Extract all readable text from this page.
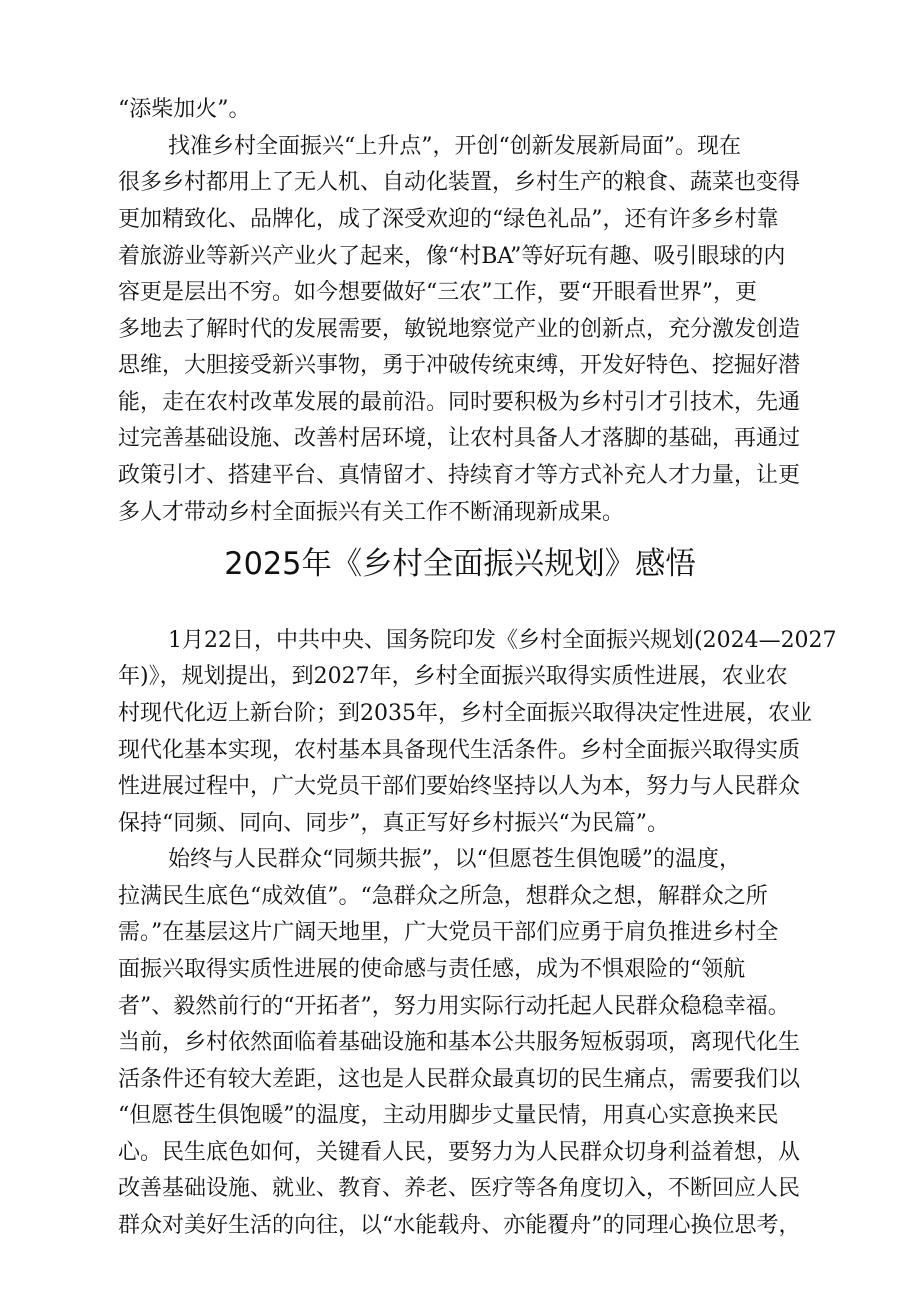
“添柴加火”。
找准乡村全面振兴“上升点”，开创“创新发展新局面”。现在
很多乡村都用上了无人机、自动化装置，乡村生产的粮食、蔬菜也变得
更加精致化、品牌化，成了深受欢迎的“绿色礼品”，还有许多乡村靠
着旅游业等新兴产业火了起来，像“村BA”等好玩有趣、吸引眼球的内
容更是层出不穷。如今想要做好“三农”工作，要“开眼看世界”，更
多地去了解时代的发展需要，敏锐地察觉产业的创新点，充分激发创造
思维，大胆接受新兴事物，勇于冲破传统束缚，开发好特色、挖掘好潜
能，走在农村改革发展的最前沿。同时要积极为乡村引才引技术，先通
过完善基础设施、改善村居环境，让农村具备人才落脚的基础，再通过
政策引才、搭建平台、真情留才、持续育才等方式补充人才力量，让更
多人才带动乡村全面振兴有关工作不断涌现新成果。
2025年《乡村全面振兴规划》感悟
1月22日，中共中央、国务院印发《乡村全面振兴规划(2024—2027
年)》，规划提出，到2027年，乡村全面振兴取得实质性进展，农业农
村现代化迈上新台阶；到2035年，乡村全面振兴取得决定性进展，农业
现代化基本实现，农村基本具备现代生活条件。乡村全面振兴取得实质
性进展过程中，广大党员干部们要始终坚持以人为本，努力与人民群众
保持“同频、同向、同步”，真正写好乡村振兴“为民篇”。
始终与人民群众“同频共振”，以“但愿苍生俱饱暖”的温度，
拉满民生底色“成效值”。“急群众之所急，想群众之想，解群众之所
需。”在基层这片广阔天地里，广大党员干部们应勇于肩负推进乡村全
面振兴取得实质性进展的使命感与责任感，成为不惧艰险的“领航
者”、毅然前行的“开拓者”，努力用实际行动托起人民群众稳稳幸福。
当前，乡村依然面临着基础设施和基本公共服务短板弱项，离现代化生
活条件还有较大差距，这也是人民群众最真切的民生痛点，需要我们以
“但愿苍生俱饱暖”的温度，主动用脚步丈量民情，用真心实意换来民
心。民生底色如何，关键看人民，要努力为人民群众切身利益着想，从
改善基础设施、就业、教育、养老、医疗等各角度切入，不断回应人民
群众对美好生活的向往，以“水能载舟、亦能覆舟”的同理心换位思考，
